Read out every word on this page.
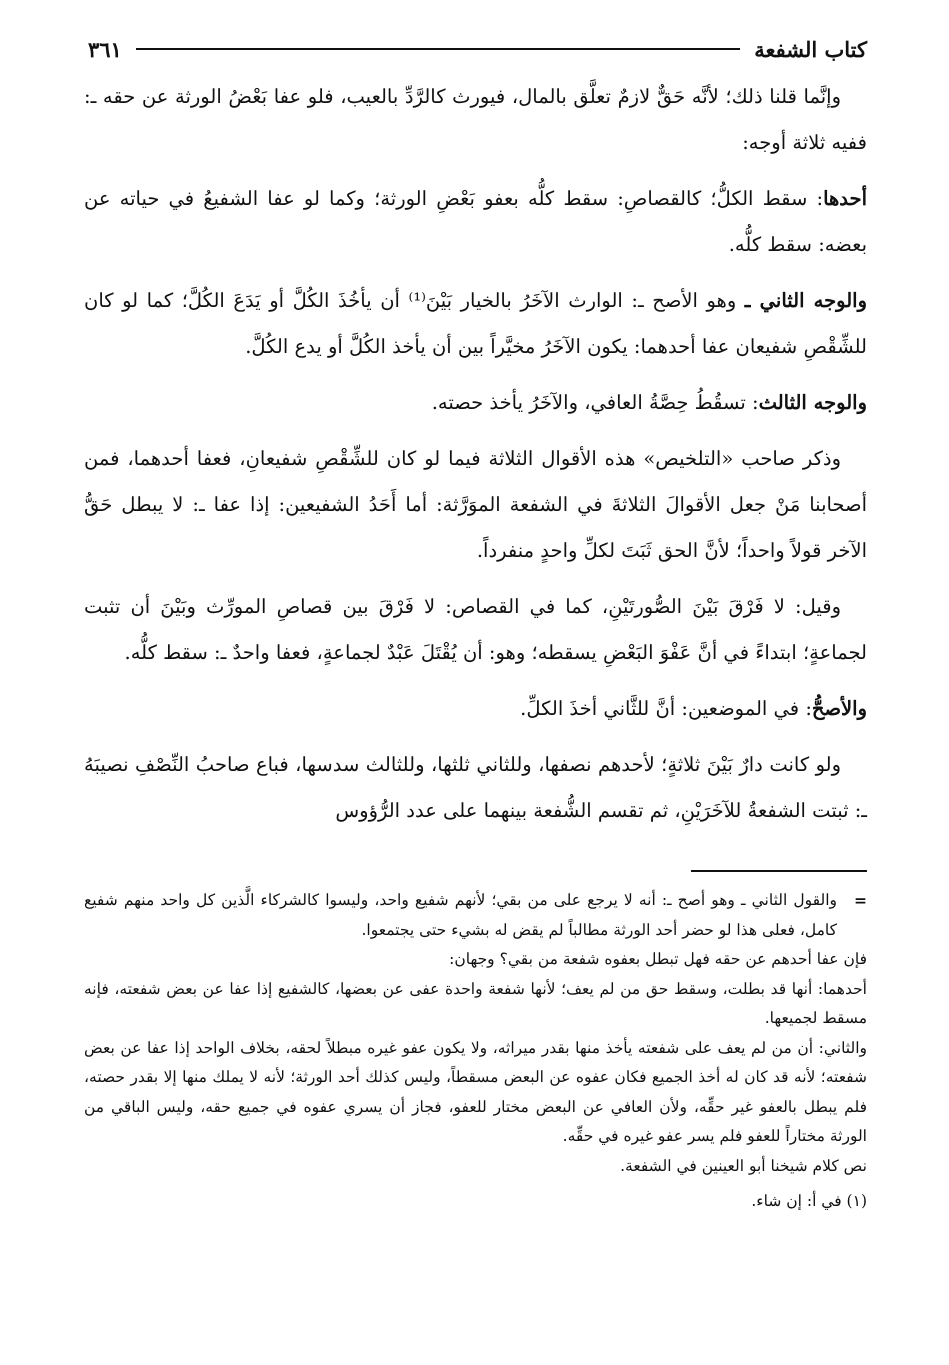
كتاب الشفعة
٣٦١

وإنَّما قلنا ذلك؛ لأنَّه حَقٌّ لازمٌ تعلَّق بالمال، فيورث كالرَّدِّ بالعيب، فلو عفا بَعْضُ الورثة عن حقه ـ: ففيه ثلاثة أوجه:

أحدها: سقط الكلُّ؛ كالقصاصِ: سقط كلُّه بعفو بَعْضِ الورثة؛ وكما لو عفا الشفيعُ في حياته عن بعضه: سقط كلُّه.

والوجه الثاني ـ وهو الأصح ـ: الوارث الآخَرُ بالخيار بَيْنَ⁽¹⁾ أن يأخُذَ الكُلَّ أو يَدَعَ الكُلَّ؛ كما لو كان للشِّقْصِ شفيعان عفا أحدهما: يكون الآخَرُ مخيَّراً بين أن يأخذ الكُلَّ أو يدع الكُلَّ.

والوجه الثالث: تسقُطُ حِصَّةُ العافي، والآخَرُ يأخذ حصته.

وذكر صاحب «التلخيص» هذه الأقوال الثلاثة فيما لو كان للشِّقْصِ شفيعانِ، فعفا أحدهما، فمن أصحابنا مَنْ جعل الأقوالَ الثلاثةَ في الشفعة الموَرَّثة: أما أَحَدُ الشفيعين: إذا عفا ـ: لا يبطل حَقُّ الآخر قولاً واحداً؛ لأنَّ الحق ثَبَتَ لكلِّ واحدٍ منفرداً.

وقيل: لا فَرْقَ بَيْنَ الصُّورتَيْنِ، كما في القصاص: لا فَرْقَ بين قصاصِ المورِّث وبَيْنَ أن تثبت لجماعةٍ؛ ابتداءً في أنَّ عَفْوَ البَعْضِ يسقطه؛ وهو: أن يُقْتَلَ عَبْدٌ لجماعةٍ، فعفا واحدٌ ـ: سقط كلُّه.

والأصحُّ: في الموضعين: أنَّ للثَّاني أخذَ الكلِّ.

ولو كانت دارٌ بَيْنَ ثلاثةٍ؛ لأحدهم نصفها، وللثاني ثلثها، وللثالث سدسها، فباع صاحبُ النِّصْفِ نصيبَهُ ـ: ثبتت الشفعةُ للآخَرَيْنِ، ثم تقسم الشُّفعة بينهما على عدد الرُّؤوس

=
والقول الثاني ـ وهو أصح ـ: أنه لا يرجع على من بقي؛ لأنهم شفيع واحد، وليسوا كالشركاء الَّذين كل واحد منهم شفيع كامل، فعلى هذا لو حضر أحد الورثة مطالباً لم يقض له بشيء حتى يجتمعوا.

فإن عفا أحدهم عن حقه فهل تبطل بعفوه شفعة من بقي؟ وجهان:

أحدهما: أنها قد بطلت، وسقط حق من لم يعف؛ لأنها شفعة واحدة عفى عن بعضها، كالشفيع إذا عفا عن بعض شفعته، فإنه مسقط لجميعها.

والثاني: أن من لم يعف على شفعته يأخذ منها بقدر ميراثه، ولا يكون عفو غيره مبطلاً لحقه، بخلاف الواحد إذا عفا عن بعض شفعته؛ لأنه قد كان له أخذ الجميع فكان عفوه عن البعض مسقطاً، وليس كذلك أحد الورثة؛ لأنه لا يملك منها إلا بقدر حصته، فلم يبطل بالعفو غير حقِّه، ولأن العافي عن البعض مختار للعفو، فجاز أن يسري عفوه في جميع حقه، وليس الباقي من الورثة مختاراً للعفو فلم يسر عفو غيره في حقِّه.

نص كلام شيخنا أبو العينين في الشفعة.

(١) في أ: إن شاء.
